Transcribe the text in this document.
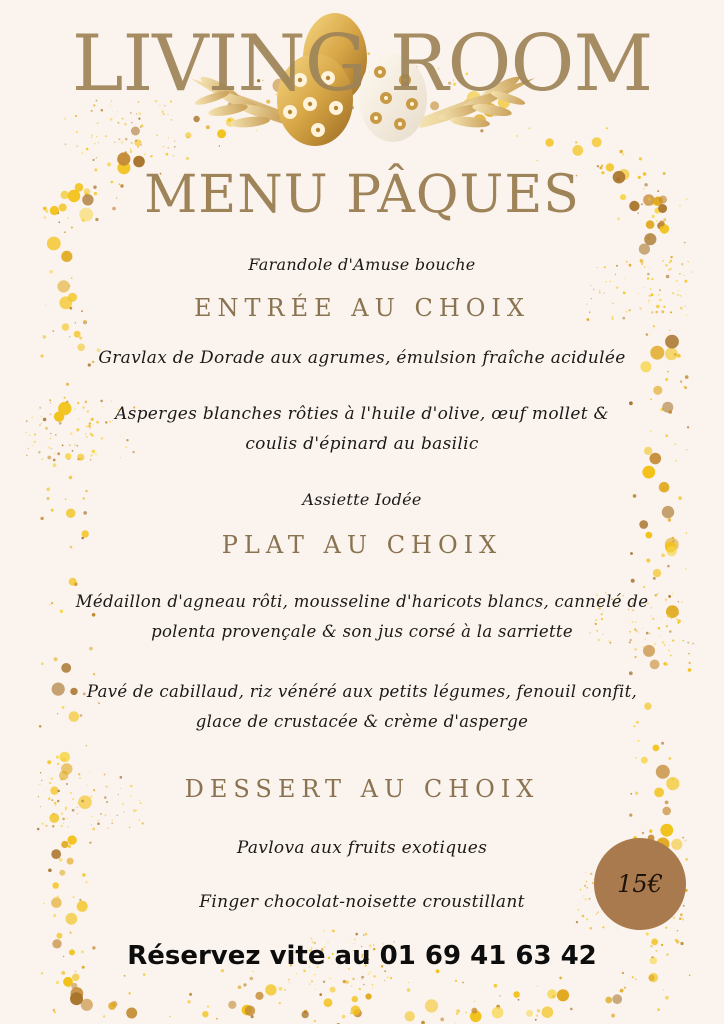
LIVING ROOM
MENU PÂQUES
Farandole d'Amuse bouche
ENTRÉE AU CHOIX
Gravlax de Dorade aux agrumes, émulsion fraîche acidulée
Asperges blanches rôties à l'huile d'olive, œuf mollet &
coulis d'épinard au basilic
Assiette Iodée
PLAT AU CHOIX
Médaillon d'agneau rôti, mousseline d'haricots blancs, cannelé de
polenta provençale & son jus corsé à la sarriette
Pavé de cabillaud, riz vénéré aux petits légumes, fenouil confit,
glace de crustacée & crème d'asperge
DESSERT AU CHOIX
Pavlova aux fruits exotiques
Finger chocolat-noisette croustillant
15€
Réservez vite au 01 69 41 63 42
